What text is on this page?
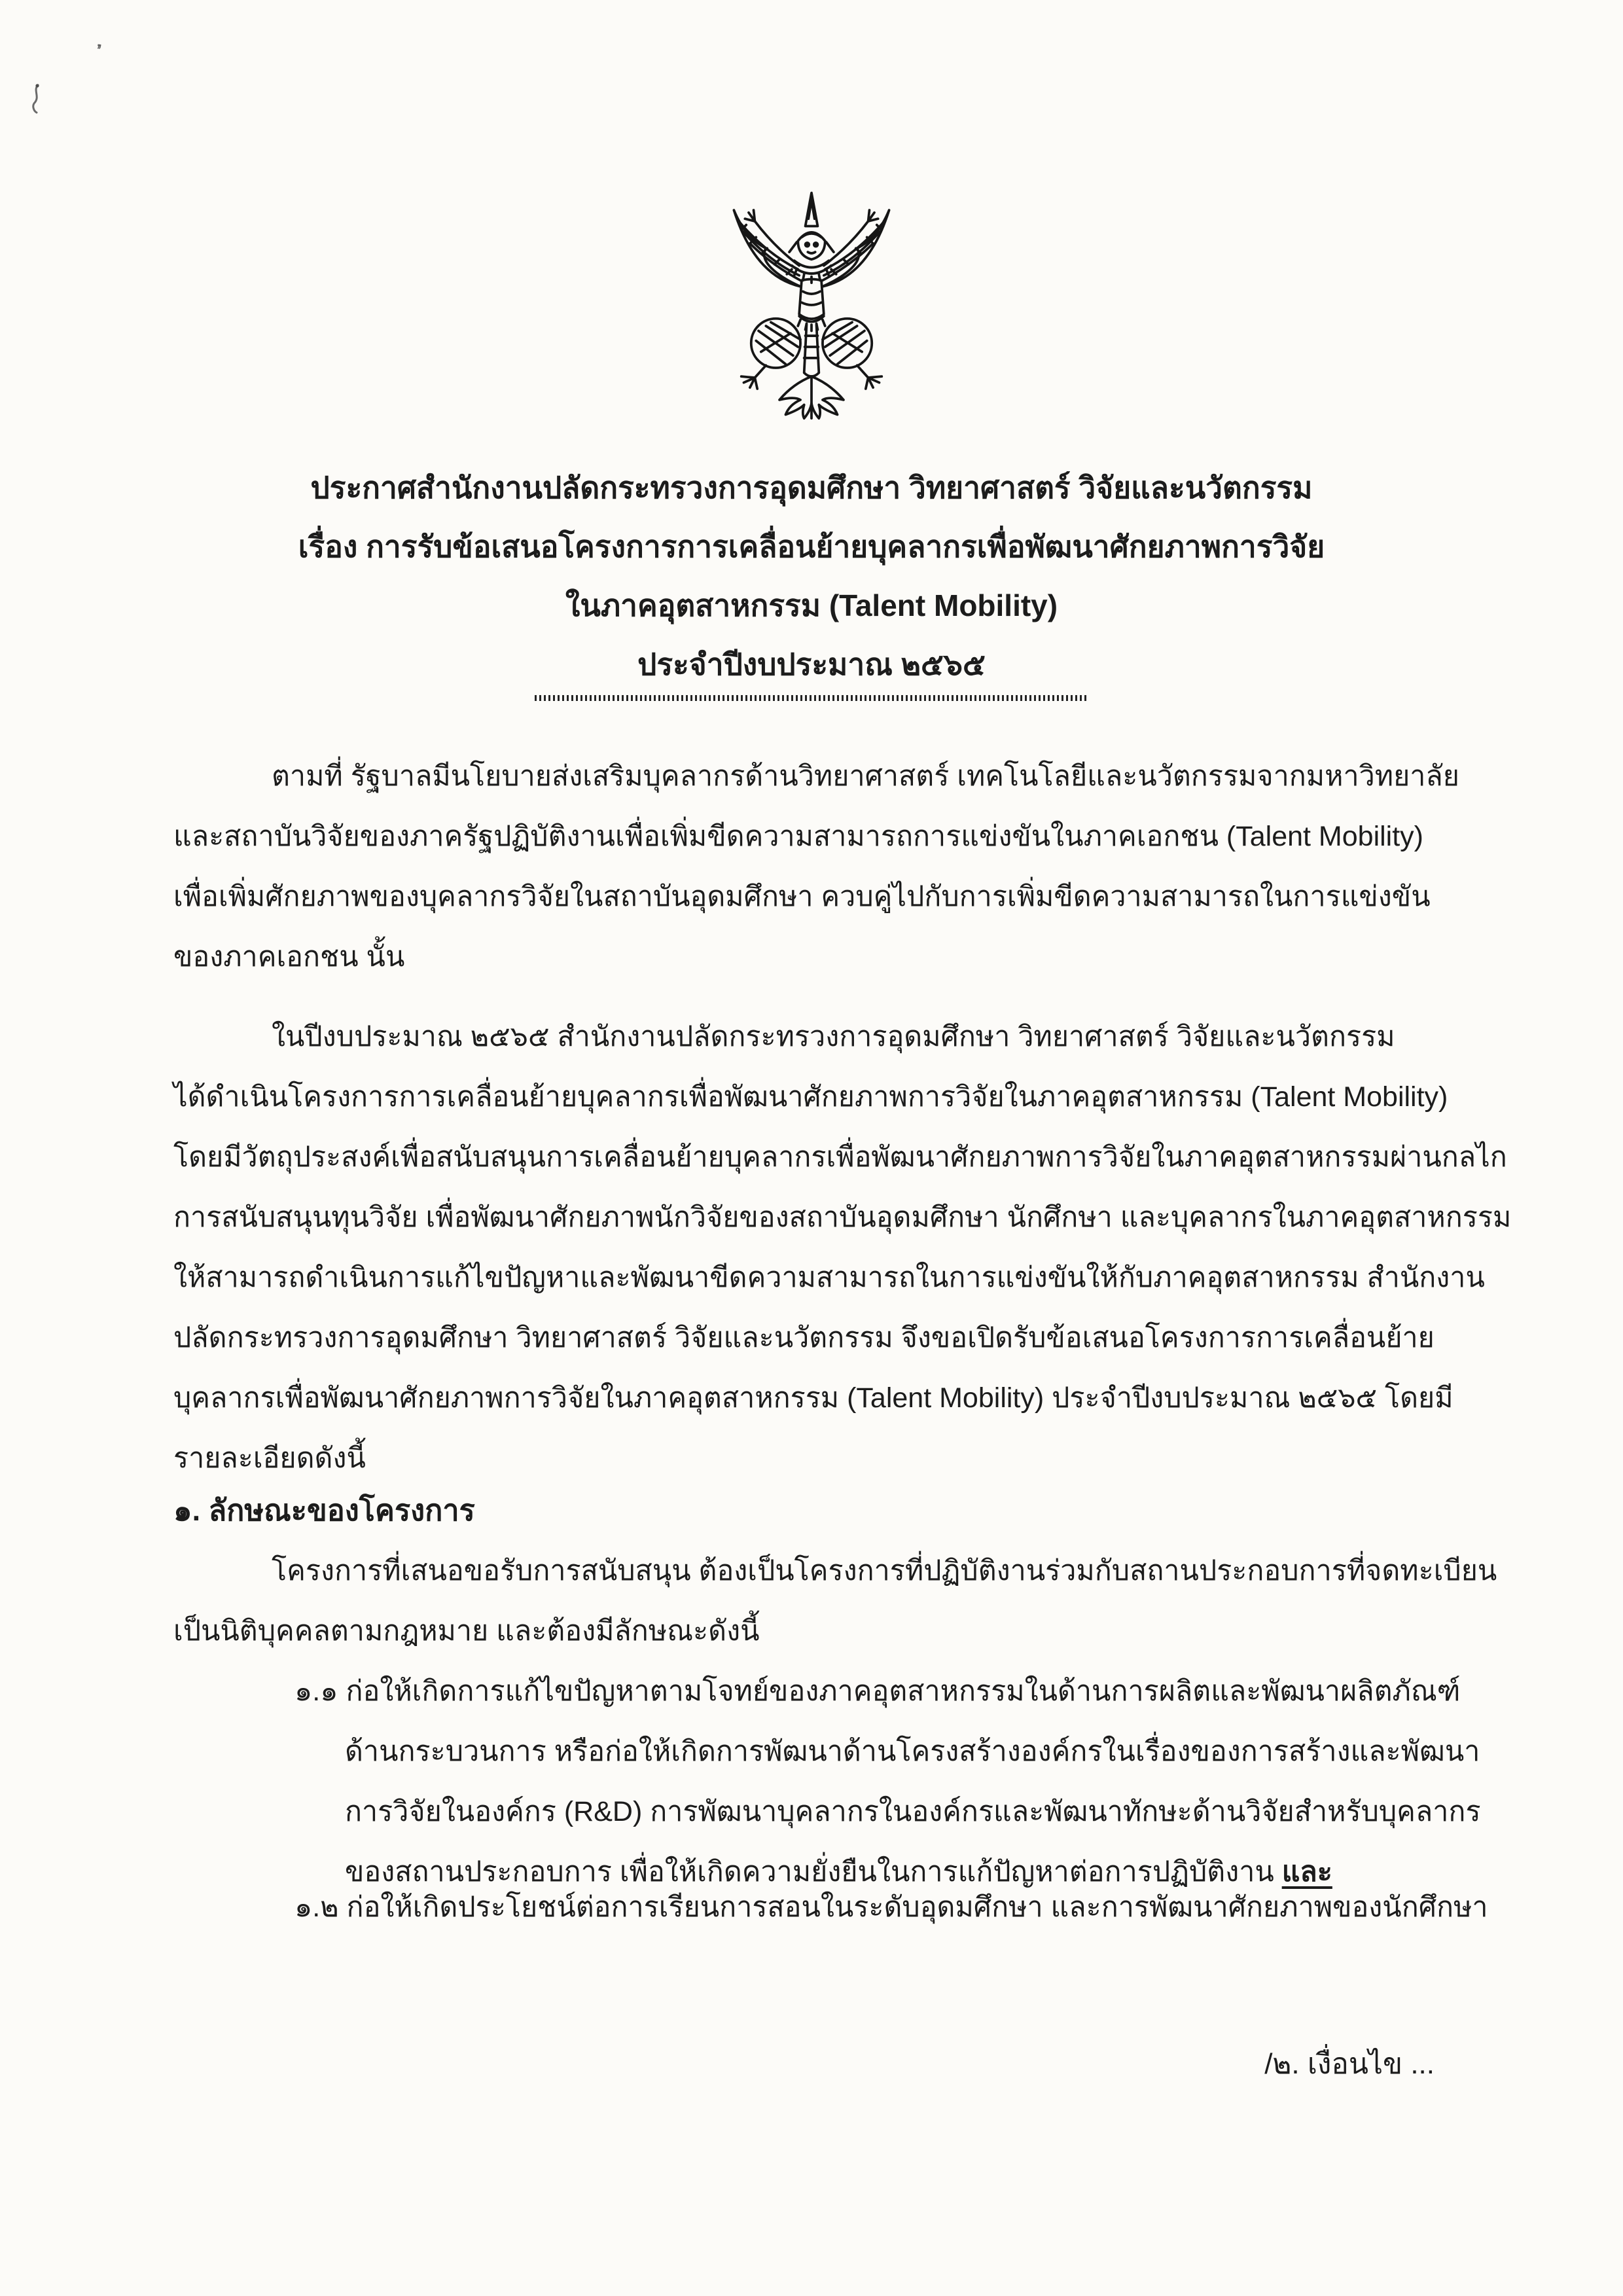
’’
ประกาศสำนักงานปลัดกระทรวงการอุดมศึกษา วิทยาศาสตร์ วิจัยและนวัตกรรม
เรื่อง การรับข้อเสนอโครงการการเคลื่อนย้ายบุคลากรเพื่อพัฒนาศักยภาพการวิจัย
ในภาคอุตสาหกรรม (Talent Mobility)
ประจำปีงบประมาณ ๒๕๖๕
ตามที่ รัฐบาลมีนโยบายส่งเสริมบุคลากรด้านวิทยาศาสตร์ เทคโนโลยีและนวัตกรรมจากมหาวิทยาลัย
และสถาบันวิจัยของภาครัฐปฏิบัติงานเพื่อเพิ่มขีดความสามารถการแข่งขันในภาคเอกชน (Talent Mobility)
เพื่อเพิ่มศักยภาพของบุคลากรวิจัยในสถาบันอุดมศึกษา ควบคู่ไปกับการเพิ่มขีดความสามารถในการแข่งขัน
ของภาคเอกชน นั้น
ในปีงบประมาณ ๒๕๖๕ สำนักงานปลัดกระทรวงการอุดมศึกษา วิทยาศาสตร์ วิจัยและนวัตกรรม
ได้ดำเนินโครงการการเคลื่อนย้ายบุคลากรเพื่อพัฒนาศักยภาพการวิจัยในภาคอุตสาหกรรม (Talent Mobility)
โดยมีวัตถุประสงค์เพื่อสนับสนุนการเคลื่อนย้ายบุคลากรเพื่อพัฒนาศักยภาพการวิจัยในภาคอุตสาหกรรมผ่านกลไก
การสนับสนุนทุนวิจัย เพื่อพัฒนาศักยภาพนักวิจัยของสถาบันอุดมศึกษา นักศึกษา และบุคลากรในภาคอุตสาหกรรม
ให้สามารถดำเนินการแก้ไขปัญหาและพัฒนาขีดความสามารถในการแข่งขันให้กับภาคอุตสาหกรรม สำนักงาน
ปลัดกระทรวงการอุดมศึกษา วิทยาศาสตร์ วิจัยและนวัตกรรม จึงขอเปิดรับข้อเสนอโครงการการเคลื่อนย้าย
บุคลากรเพื่อพัฒนาศักยภาพการวิจัยในภาคอุตสาหกรรม (Talent Mobility) ประจำปีงบประมาณ ๒๕๖๕ โดยมี
รายละเอียดดังนี้
๑. ลักษณะของโครงการ
โครงการที่เสนอขอรับการสนับสนุน ต้องเป็นโครงการที่ปฏิบัติงานร่วมกับสถานประกอบการที่จดทะเบียน
เป็นนิติบุคคลตามกฎหมาย และต้องมีลักษณะดังนี้
๑.๑ ก่อให้เกิดการแก้ไขปัญหาตามโจทย์ของภาคอุตสาหกรรมในด้านการผลิตและพัฒนาผลิตภัณฑ์
ด้านกระบวนการ หรือก่อให้เกิดการพัฒนาด้านโครงสร้างองค์กรในเรื่องของการสร้างและพัฒนา
การวิจัยในองค์กร (R&D) การพัฒนาบุคลากรในองค์กรและพัฒนาทักษะด้านวิจัยสำหรับบุคลากร
ของสถานประกอบการ เพื่อให้เกิดความยั่งยืนในการแก้ปัญหาต่อการปฏิบัติงาน และ
๑.๒ ก่อให้เกิดประโยชน์ต่อการเรียนการสอนในระดับอุดมศึกษา และการพัฒนาศักยภาพของนักศึกษา
/๒. เงื่อนไข ...
